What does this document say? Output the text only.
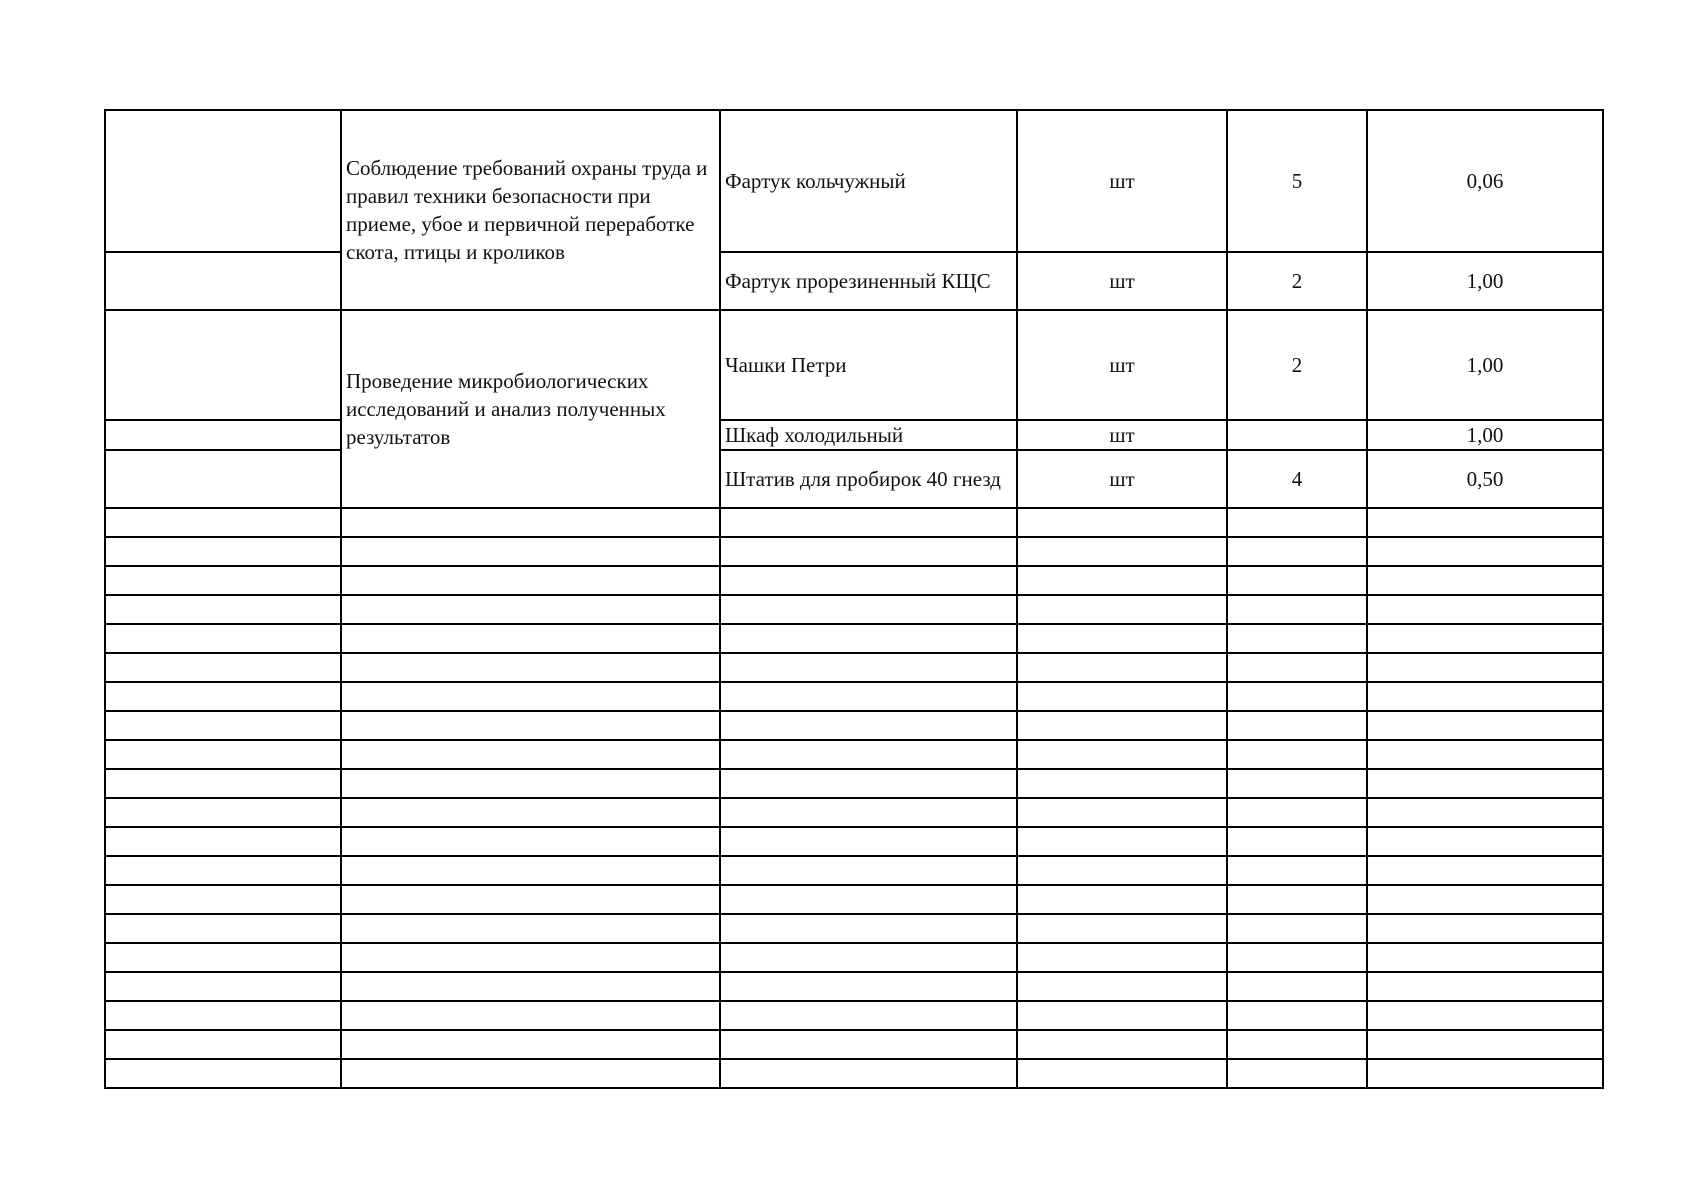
	Соблюдение требований охраны труда и правил техники безопасности при приеме, убое и первичной переработке скота, птицы и кроликов	Фартук кольчужный	шт	5	0,06
		Фартук прорезиненный КЩС	шт	2	1,00
	Проведение микробиологических исследований и анализ полученных результатов	Чашки Петри	шт	2	1,00
		Шкаф холодильный	шт		1,00
		Штатив для пробирок 40 гнезд	шт	4	0,50
